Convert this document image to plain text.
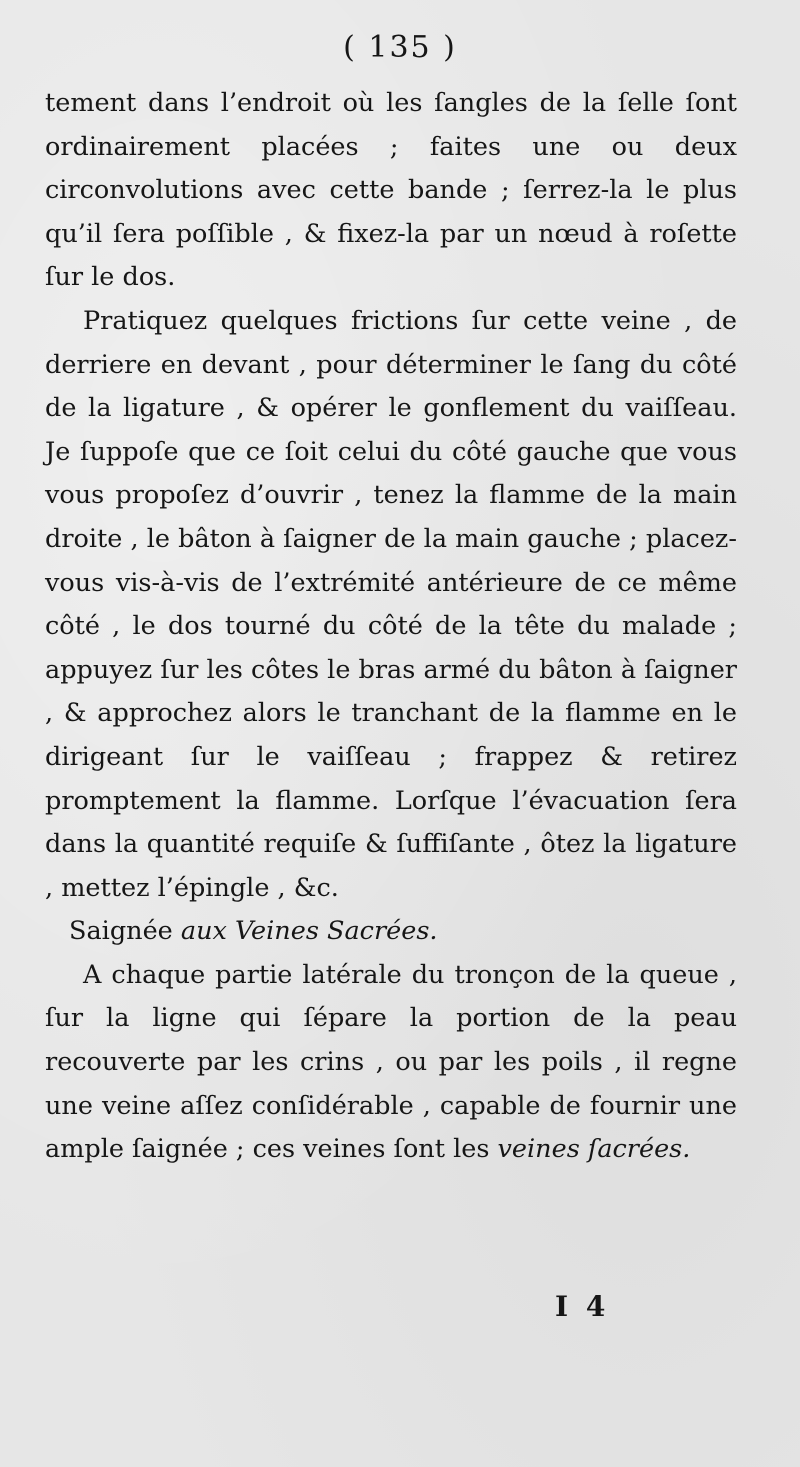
( 135 )

tement dans l’endroit où les ſangles de la ſelle ſont ordinairement placées ; faites une ou deux circonvolutions avec cette bande ; ſerrez-la le plus qu’il ſera poſſible , & fixez-la par un nœud à roſette ſur le dos.

Pratiquez quelques frictions ſur cette veine , de derriere en devant , pour déterminer le ſang du côté de la ligature , & opérer le gonflement du vaiſſeau. Je ſuppoſe que ce ſoit celui du côté gauche que vous vous propoſez d’ouvrir , tenez la flamme de la main droite , le bâton à ſaigner de la main gauche ; placez-vous vis-à-vis de l’extrémité antérieure de ce même côté , le dos tourné du côté de la tête du malade ; appuyez ſur les côtes le bras armé du bâton à ſaigner , & approchez alors le tranchant de la flamme en le dirigeant ſur le vaiſſeau ; frappez & retirez promptement la flamme. Lorſque l’évacuation ſera dans la quantité requiſe & ſuffiſante , ôtez la ligature , mettez l’épingle , &c.

Saignée aux Veines Sacrées.

A chaque partie latérale du tronçon de la queue , ſur la ligne qui ſépare la portion de la peau recouverte par les crins , ou par les poils , il regne une veine aſſez conſidérable , capable de fournir une ample ſaignée ; ces veines ſont les veines ſacrées.

I 4
